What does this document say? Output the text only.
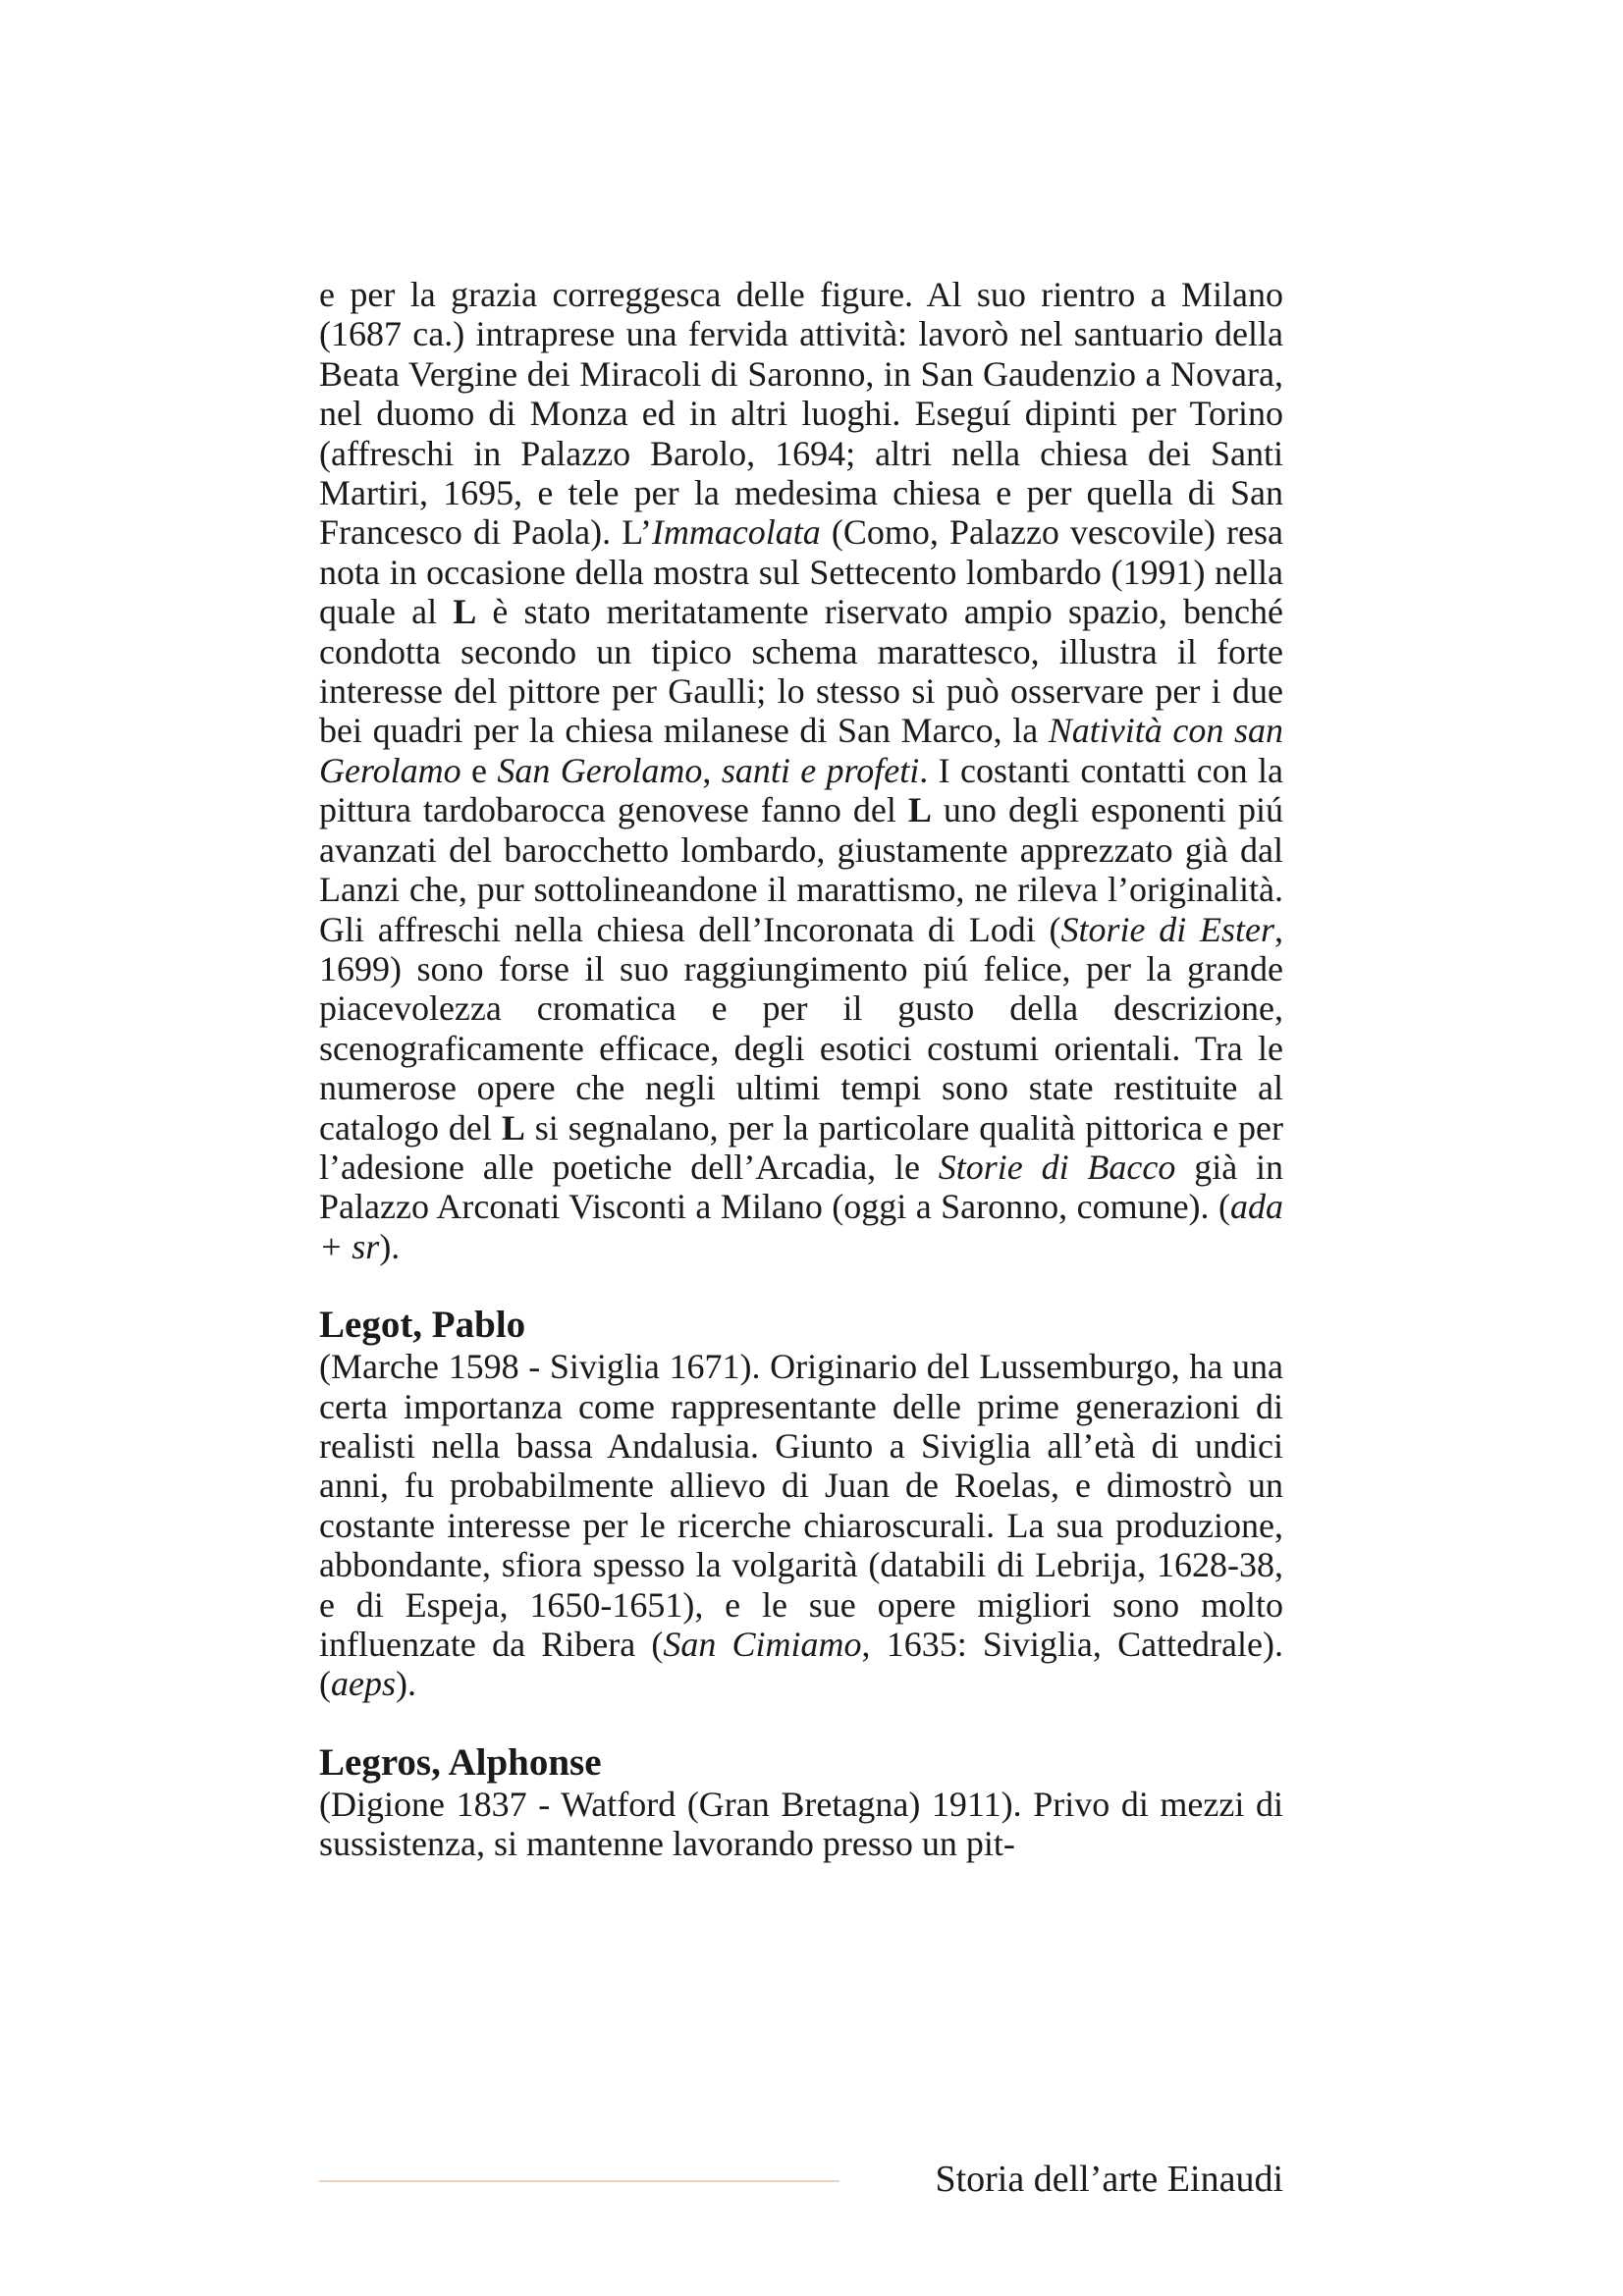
e per la grazia correggesca delle figure. Al suo rientro a Milano (1687 ca.) intraprese una fervida attività: lavorò nel santuario della Beata Vergine dei Miracoli di Saronno, in San Gaudenzio a Novara, nel duomo di Monza ed in altri luoghi. Eseguí dipinti per Torino (affreschi in Palazzo Barolo, 1694; altri nella chiesa dei Santi Martiri, 1695, e tele per la medesima chiesa e per quella di San Francesco di Paola). L’Immacolata (Como, Palazzo vescovile) resa nota in occasione della mostra sul Settecento lombardo (1991) nella quale al L è stato meritatamente riservato ampio spazio, benché condotta secondo un tipico schema marattesco, illustra il forte interesse del pittore per Gaulli; lo stesso si può osservare per i due bei quadri per la chiesa milanese di San Marco, la Natività con san Gerolamo e San Gerolamo, santi e profeti. I costanti contatti con la pittura tardobarocca genovese fanno del L uno degli esponenti piú avanzati del barocchetto lombardo, giustamente apprezzato già dal Lanzi che, pur sottolineandone il marattismo, ne rileva l’originalità. Gli affreschi nella chiesa dell’Incoronata di Lodi (Storie di Ester, 1699) sono forse il suo raggiungimento piú felice, per la grande piacevolezza cromatica e per il gusto della descrizione, scenograficamente efficace, degli esotici costumi orientali. Tra le numerose opere che negli ultimi tempi sono state restituite al catalogo del L si segnalano, per la particolare qualità pittorica e per l’adesione alle poetiche dell’Arcadia, le Storie di Bacco già in Palazzo Arconati Visconti a Milano (oggi a Saronno, comune). (ada + sr).

Legot, Pablo

(Marche 1598 - Siviglia 1671). Originario del Lussemburgo, ha una certa importanza come rappresentante delle prime generazioni di realisti nella bassa Andalusia. Giunto a Siviglia all’età di undici anni, fu probabilmente allievo di Juan de Roelas, e dimostrò un costante interesse per le ricerche chiaroscurali. La sua produzione, abbondante, sfiora spesso la volgarità (databili di Lebrija, 1628-38, e di Espeja, 1650-1651), e le sue opere migliori sono molto influenzate da Ribera (San Cimiamo, 1635: Siviglia, Cattedrale). (aeps).

Legros, Alphonse

(Digione 1837 - Watford (Gran Bretagna) 1911). Privo di mezzi di sussistenza, si mantenne lavorando presso un pit-

Storia dell’arte Einaudi
